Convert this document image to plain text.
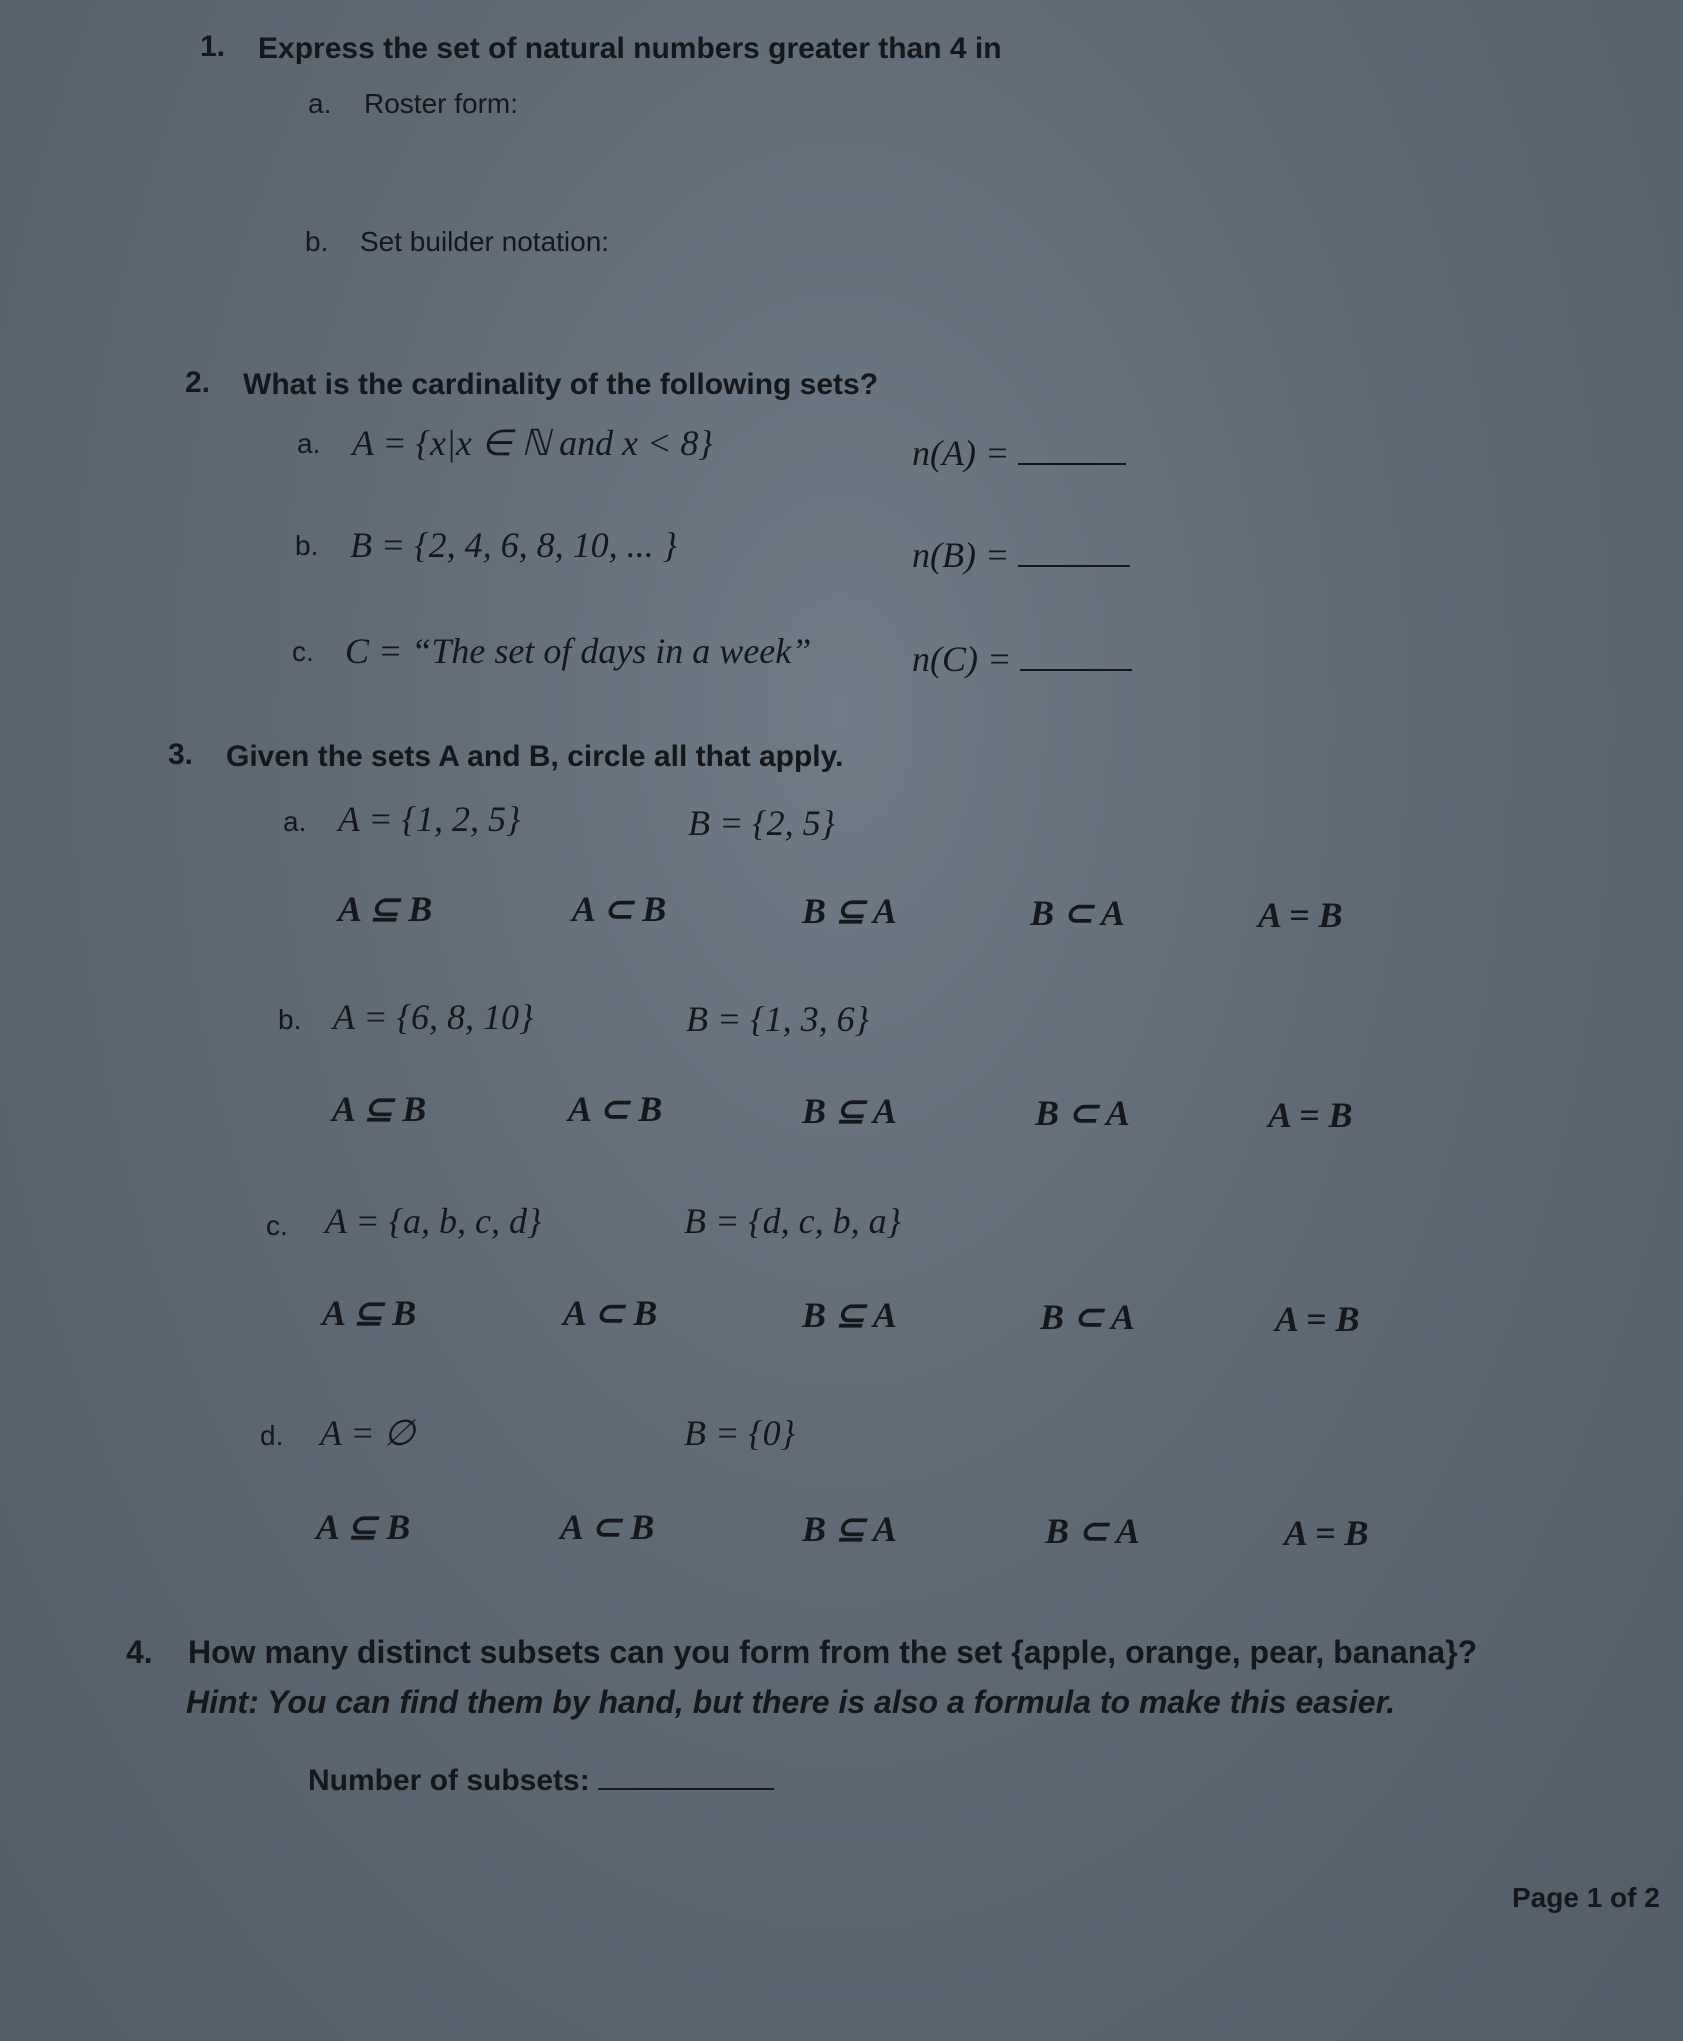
1. Express the set of natural numbers greater than 4 in
a. Roster form:
b. Set builder notation:
2. What is the cardinality of the following sets?
a. A = {x|x ∈ ℕ and x < 8}	n(A) =
b. B = {2, 4, 6, 8, 10, ... }	n(B) =
c. C = “The set of days in a week”	n(C) =
3. Given the sets A and B, circle all that apply.
a. A = {1, 2, 5}	B = {2, 5}
A ⊆ B	A ⊂ B	B ⊆ A	B ⊂ A	A = B
b. A = {6, 8, 10}	B = {1, 3, 6}
A ⊆ B	A ⊂ B	B ⊆ A	B ⊂ A	A = B
c. A = {a, b, c, d}	B = {d, c, b, a}
A ⊆ B	A ⊂ B	B ⊆ A	B ⊂ A	A = B
d. A = ∅	B = {0}
A ⊆ B	A ⊂ B	B ⊆ A	B ⊂ A	A = B
4. How many distinct subsets can you form from the set {apple, orange, pear, banana}?
Hint: You can find them by hand, but there is also a formula to make this easier.
Number of subsets:
Page 1 of 2
